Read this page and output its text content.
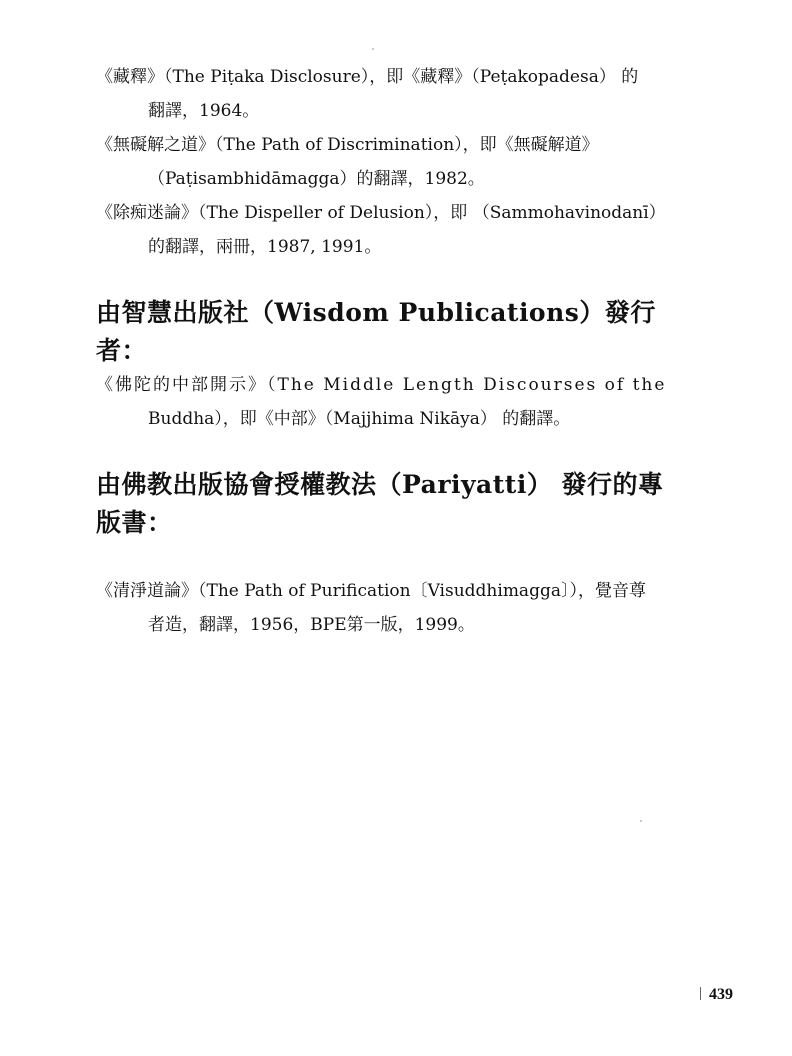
《藏釋》（The Piṭaka Disclosure），即《藏釋》（Peṭakopadesa） 的
翻譯，1964。
《無礙解之道》（The Path of Discrimination），即《無礙解道》
（Paṭisambhidāmagga）的翻譯，1982。
《除痴迷論》（The Dispeller of Delusion），即 （Sammohavinodanī）
的翻譯，兩冊，1987, 1991。
由智慧出版社（Wisdom Publications）發行者：
《佛陀的中部開示》（The Middle Length Discourses of the
Buddha），即《中部》（Majjhima Nikāya） 的翻譯。
由佛教出版協會授權教法（Pariyatti） 發行的專
版書：
《清淨道論》（The Path of Purification〔Visuddhimagga〕），覺音尊
者造，翻譯，1956，BPE第一版，1999。
439
